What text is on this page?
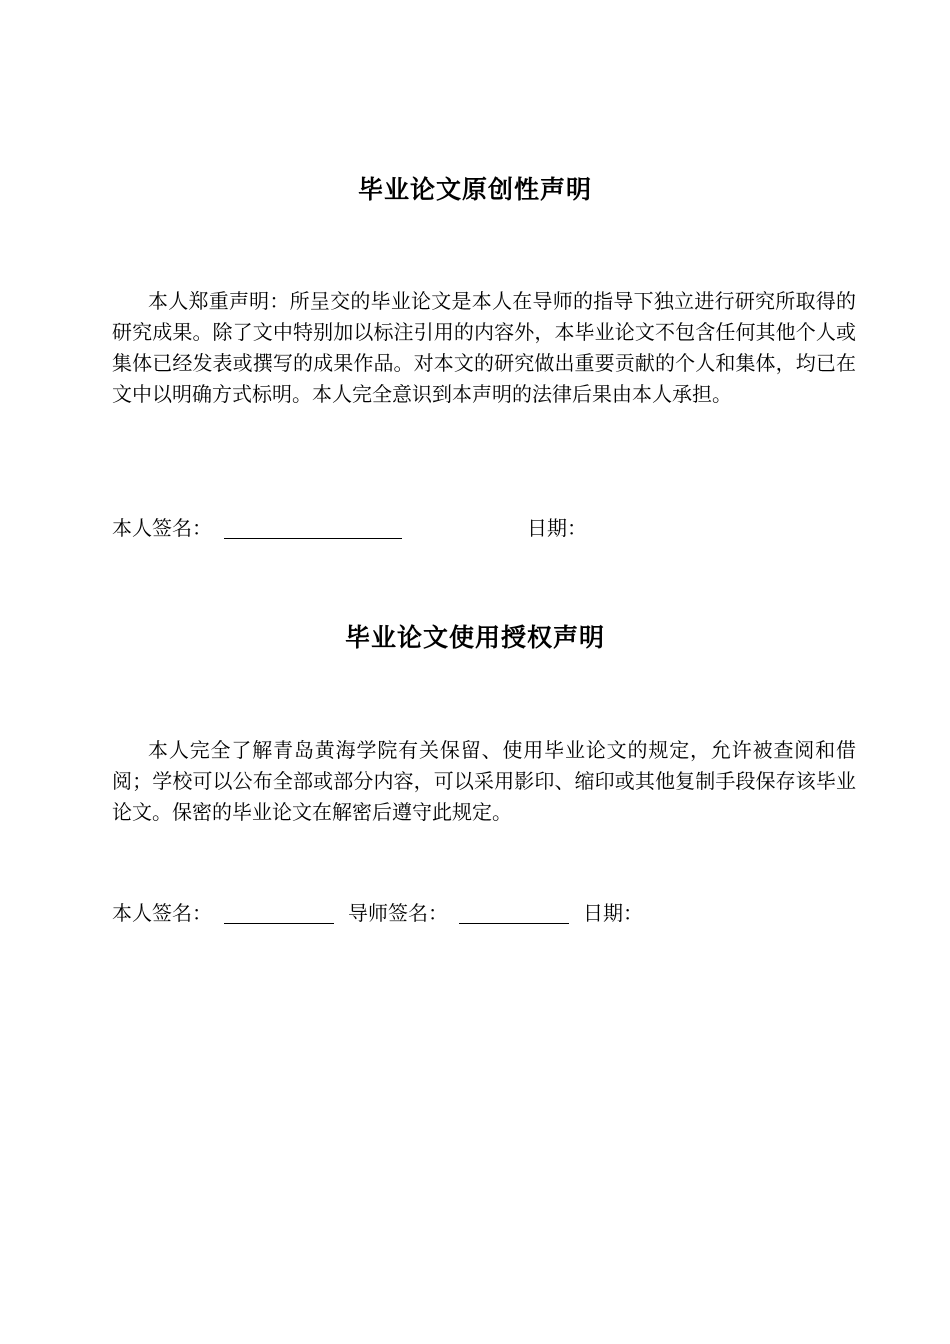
毕业论文原创性声明

本人郑重声明：所呈交的毕业论文是本人在导师的指导下独立进行研究所取得的研究成果。除了文中特别加以标注引用的内容外，本毕业论文不包含任何其他个人或集体已经发表或撰写的成果作品。对本文的研究做出重要贡献的个人和集体，均已在文中以明确方式标明。本人完全意识到本声明的法律后果由本人承担。

本人签名：	日期：
毕业论文使用授权声明

本人完全了解青岛黄海学院有关保留、使用毕业论文的规定，允许被查阅和借阅；学校可以公布全部或部分内容，可以采用影印、缩印或其他复制手段保存该毕业论文。保密的毕业论文在解密后遵守此规定。

本人签名：	导师签名：	日期：
